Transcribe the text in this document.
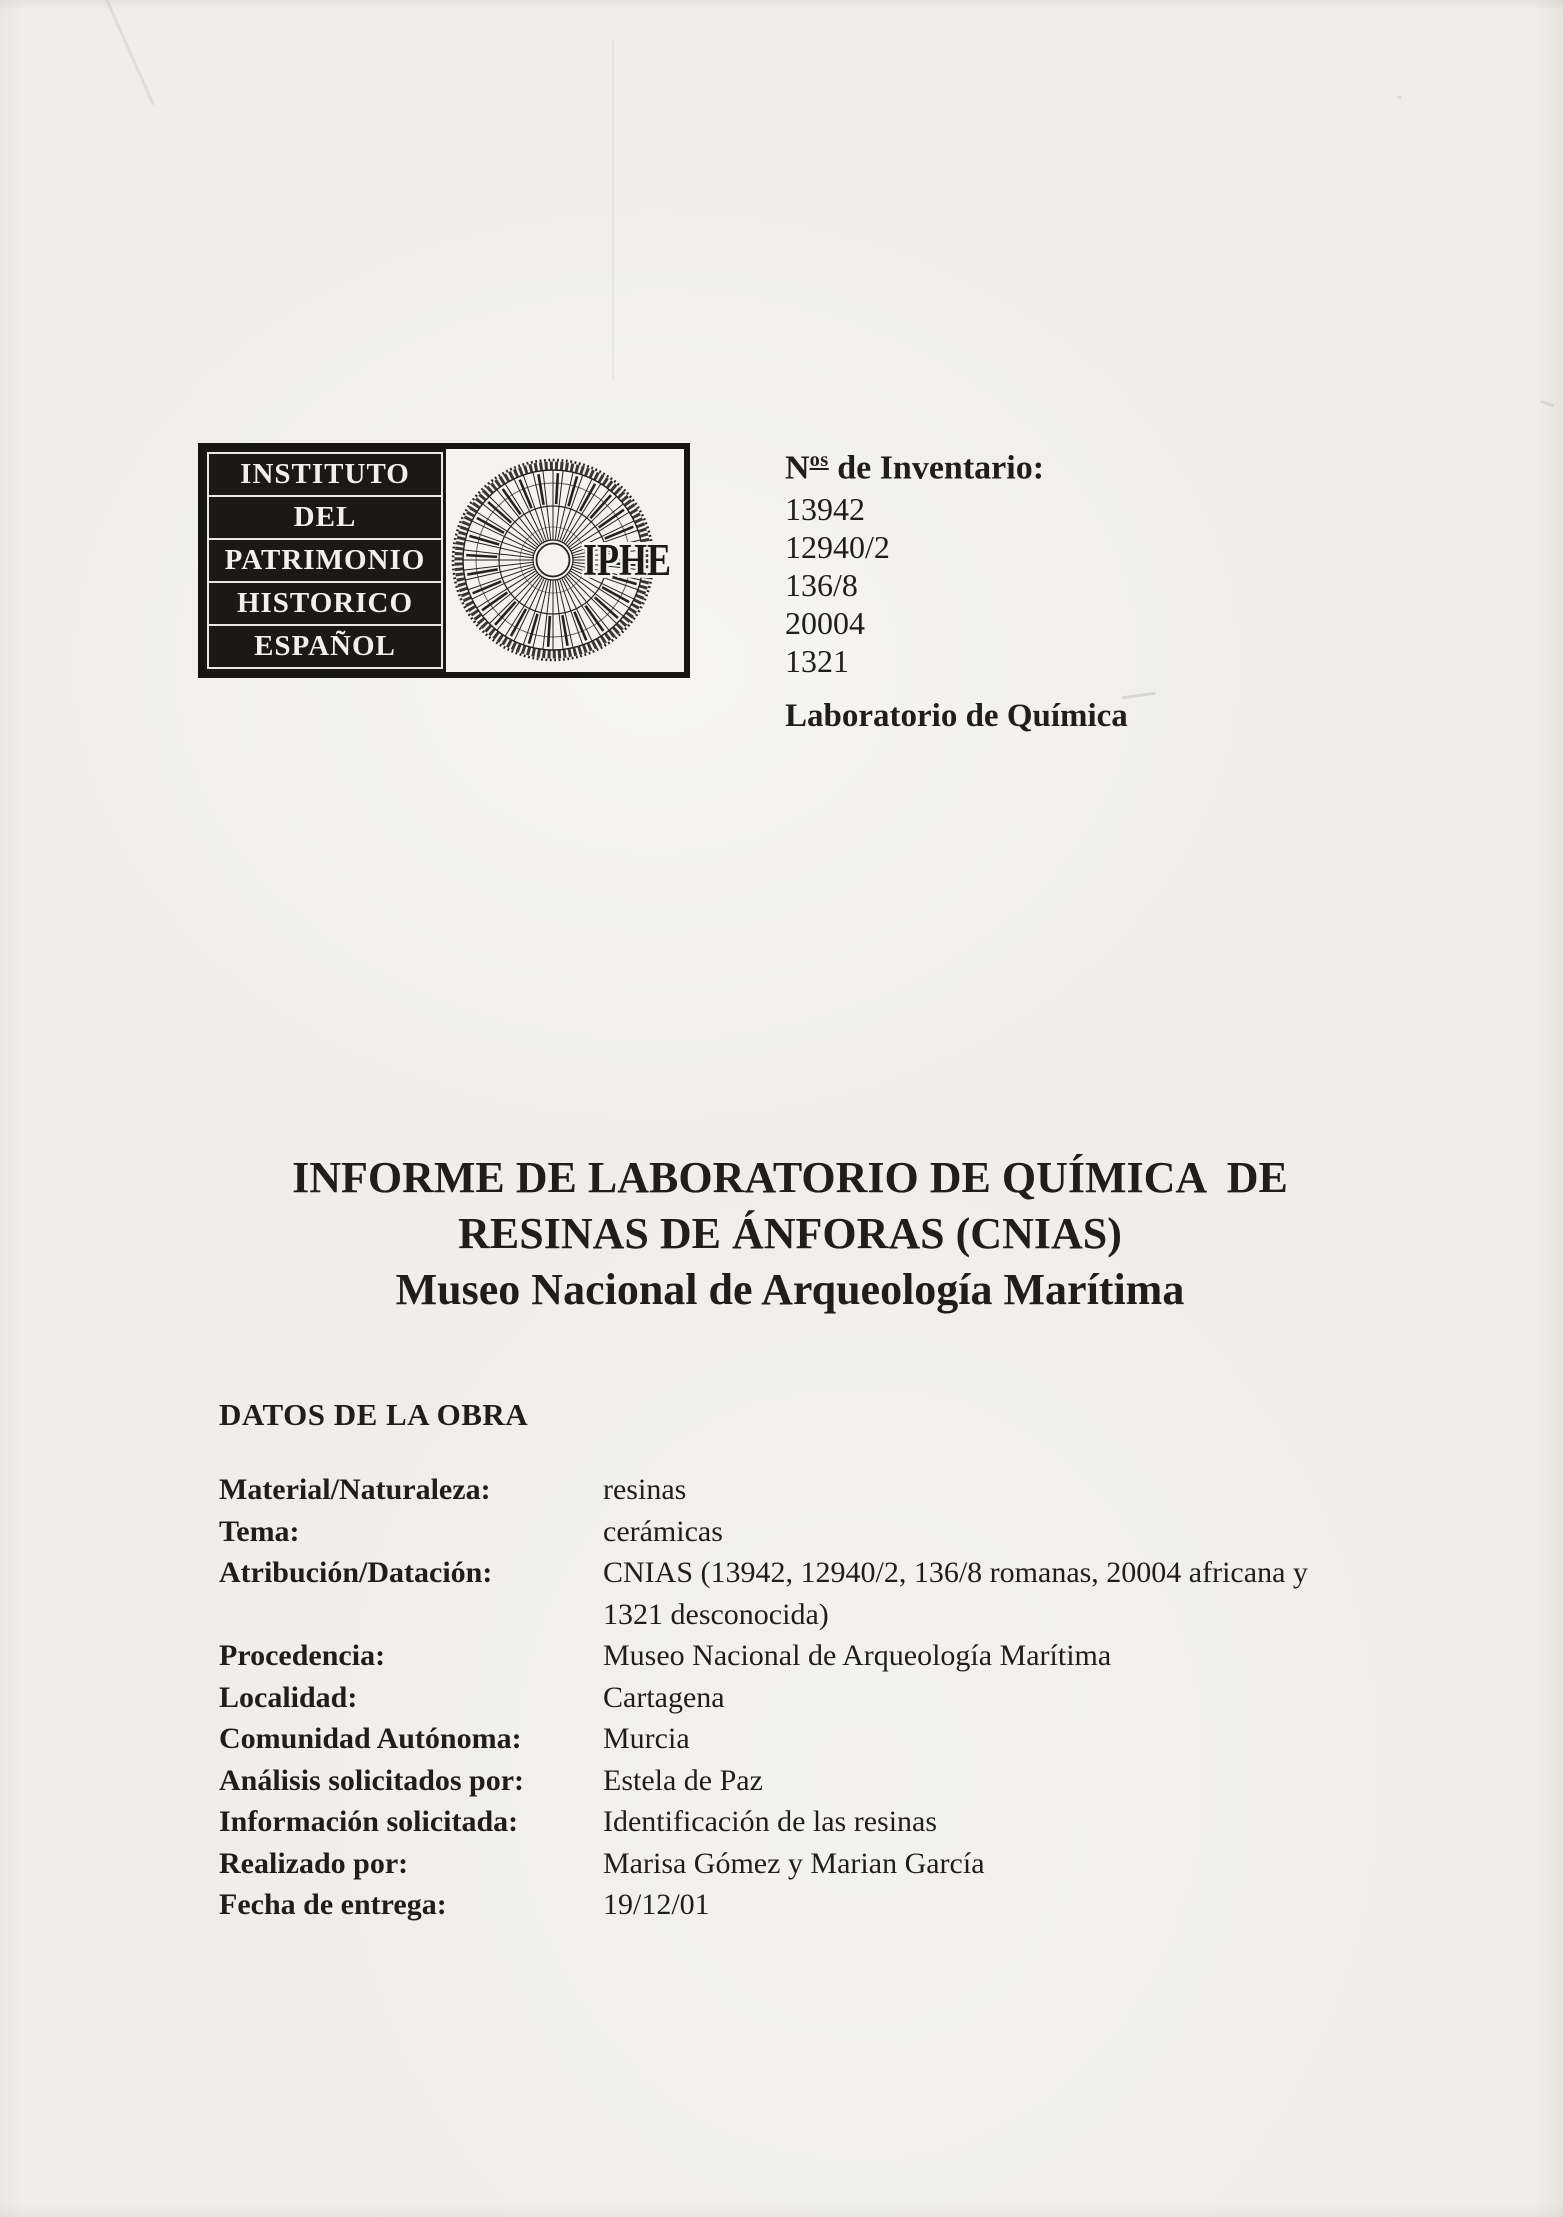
INSTITUTO
DEL
PATRIMONIO
HISTORICO
ESPAÑOL
IPHE
$N^{os}$ de Inventario:
13942
12940/2
136/8
20004
1321
Laboratorio de Química
INFORME DE LABORATORIO DE QUÍMICA  DE
RESINAS DE ÁNFORAS (CNIAS)
Museo Nacional de Arqueología Marítima
DATOS DE LA OBRA
Material/Naturaleza:	resinas
Tema:	cerámicas
Atribución/Datación:	CNIAS (13942, 12940/2, 136/8 romanas, 20004 africana y
1321 desconocida)
Procedencia:	Museo Nacional de Arqueología Marítima
Localidad:	Cartagena
Comunidad Autónoma:	Murcia
Análisis solicitados por:	Estela de Paz
Información solicitada:	Identificación de las resinas
Realizado por:	Marisa Gómez y Marian García
Fecha de entrega:	19/12/01
